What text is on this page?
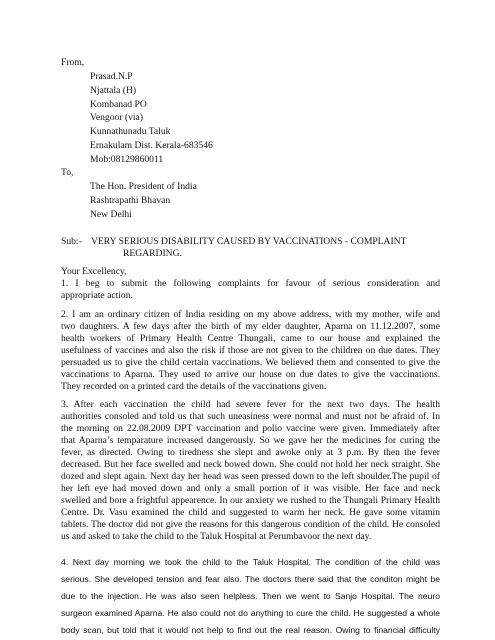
From,
Prasad.N.P
Njattala (H)
Kombanad PO
Vengoor (via)
Kunnathunadu Taluk
Ernakulam Dist. Kerala-683546
Mob:08129860011
To,
The Hon. President of India
Rashtrapathi Bhavan
New Delhi
Sub:- VERY SERIOUS DISABILITY CAUSED BY VACCINATIONS - COMPLAINT
REGARDING.
Your Excellency,
1. I beg to submit the following complaints for favour of serious consideration and
appropriate action.
2. I am an ordinary citizen of India residing on my above address, with my mother, wife and
two daughters. A few days after the birth of my elder daughter, Aparna on 11.12.2007, some
health workers of Primary Health Centre Thungali, came to our house and explained the
usefulness of vaccines and also the risk if those are not given to the children on due dates. They
persuaded us to give the child certain vaccinations. We believed them and consented to give the
vaccinations to Aparna. They used to arrive our house on due dates to give the vaccinations.
They recorded on a printed card the details of the vaccinations given.
3. After each vaccination the child had severe fever for the next two days. The health
authorities consoled and told us that such uneasiness were normal and must not be afraid of. In
the morning on 22.08.2009 DPT vaccination and polio vaccine were given. Immediately after
that Aparna’s temparature increased dangerously. So we gave her the medicines for curing the
fever, as directed. Owing to tiredness she slept and awoke only at 3 p.m. By then the fever
decreased. But her face swelled and neck bowed down. She could not hold her neck straight. She
dozed and slept again. Next day her head was seen pressed down to the left shoulder.The pupil of
her left eye had moved down and only a small portion of it was visible. Her face and neck
swelled and bore a frightful appearence. In our anxiety we rushed to the Thungali Primary Health
Centre. Dr. Vasu examined the child and suggested to warm her neck. He gave some vitamin
tablets. The doctor did not give the reasons for this dangerous condition of the child. He consoled
us and asked to take the child to the Taluk Hospital at Perumbavoor the next day.
4. Next day morning we took the child to the Taluk Hospital. The condition of the child was
serious. She developed tension and fear also. The doctors there said that the conditon might be
due to the injection. He was also seen helpless. Then we went to Sanjo Hospital. The neuro
surgeon examined Aparna. He also could not do anything to cure the child. He suggested a whole
body scan, but told that it would not help to find out the real reason. Owing to financial difficulty
